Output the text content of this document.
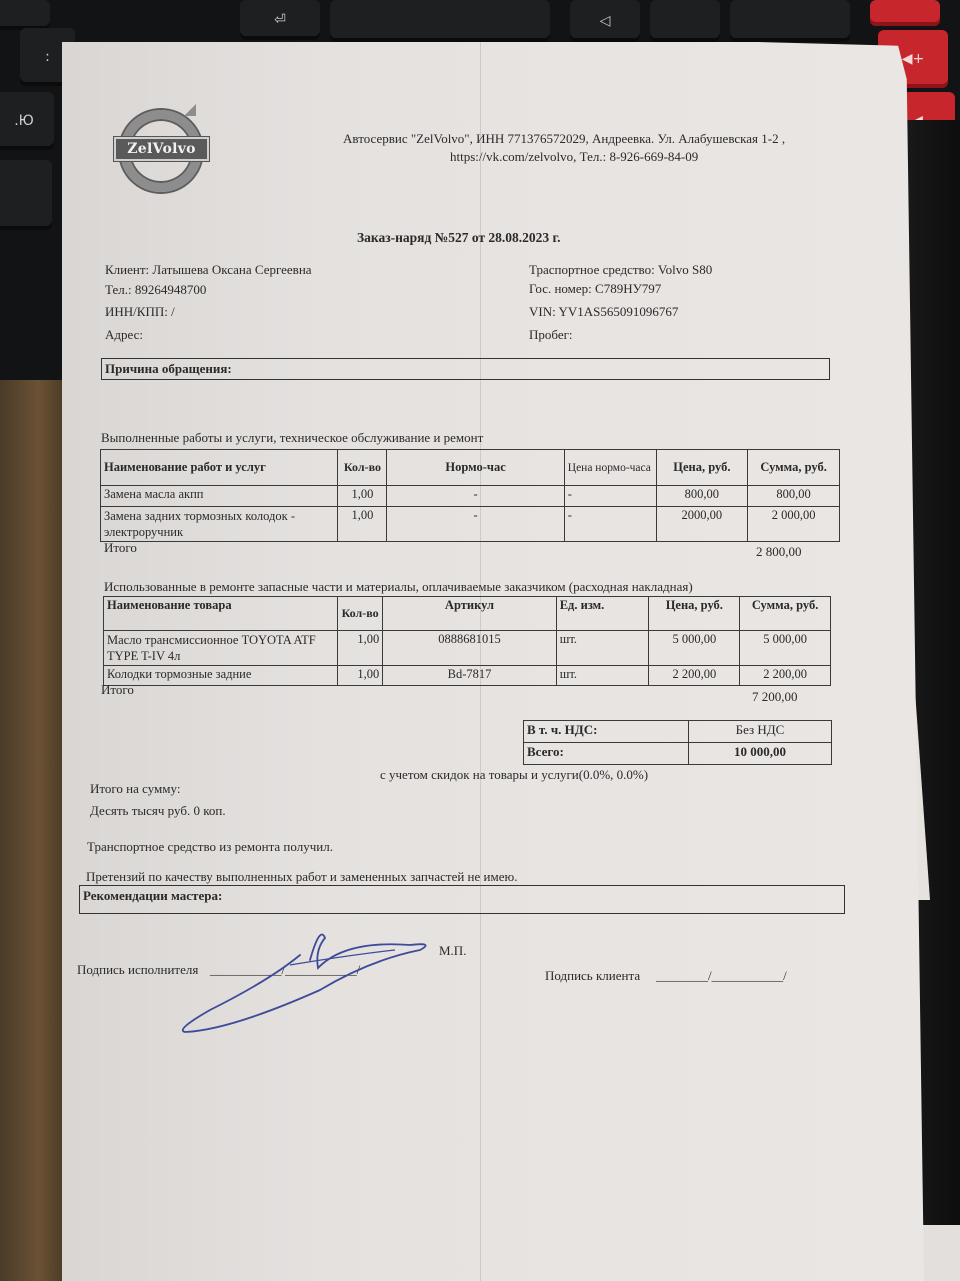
:
.Ю
⏎	◁
◀+

ZelVolvo
Автосервис "ZelVolvo", ИНН 771376572029, Андреевка. Ул. Алабушевская 1-2 ,
https://vk.com/zelvolvo, Тел.: 8-926-669-84-09
Заказ-наряд №527 от 28.08.2023 г.
Клиент: Латышева Оксана Сергеевна
Тел.: 89264948700
ИНН/КПП: /
Адрес:
Траспортное средство: Volvo S80
Гос. номер: С789НУ797
VIN: YV1AS565091096767
Пробег:
Причина обращения:
Выполненные работы и услуги, техническое обслуживание и ремонт
Наименование работ и услуг	Кол-во	Нормо-час	Цена нормо-часа	Цена, руб.	Сумма, руб.
Замена масла акпп	1,00	-	-	800,00	800,00
Замена задних тормозных колодок - электроручник	1,00	-	-	2000,00	2 000,00
Итого	2 800,00
Использованные в ремонте запасные части и материалы, оплачиваемые заказчиком (расходная накладная)
Наименование товара	Кол-во	Артикул	Ед. изм.	Цена, руб.	Сумма, руб.
Масло трансмиссионное TOYOTA ATF TYPE T-IV 4л	1,00	0888681015	шт.	5 000,00	5 000,00
Колодки тормозные задние	1,00	Bd-7817	шт.	2 200,00	2 200,00
Итого	7 200,00
В т. ч. НДС:	Без НДС
Всего:	10 000,00
с учетом скидок на товары и услуги(0.0%, 0.0%)
Итого на сумму:
Десять тысяч руб. 0 коп.
Транспортное средство из ремонта получил.
Претензий по качеству выполненных работ и замененных запчастей не имею.
Рекомендации мастера:
М.П.
Подпись исполнителя ___________/___________/	Подпись клиента ________/___________/
